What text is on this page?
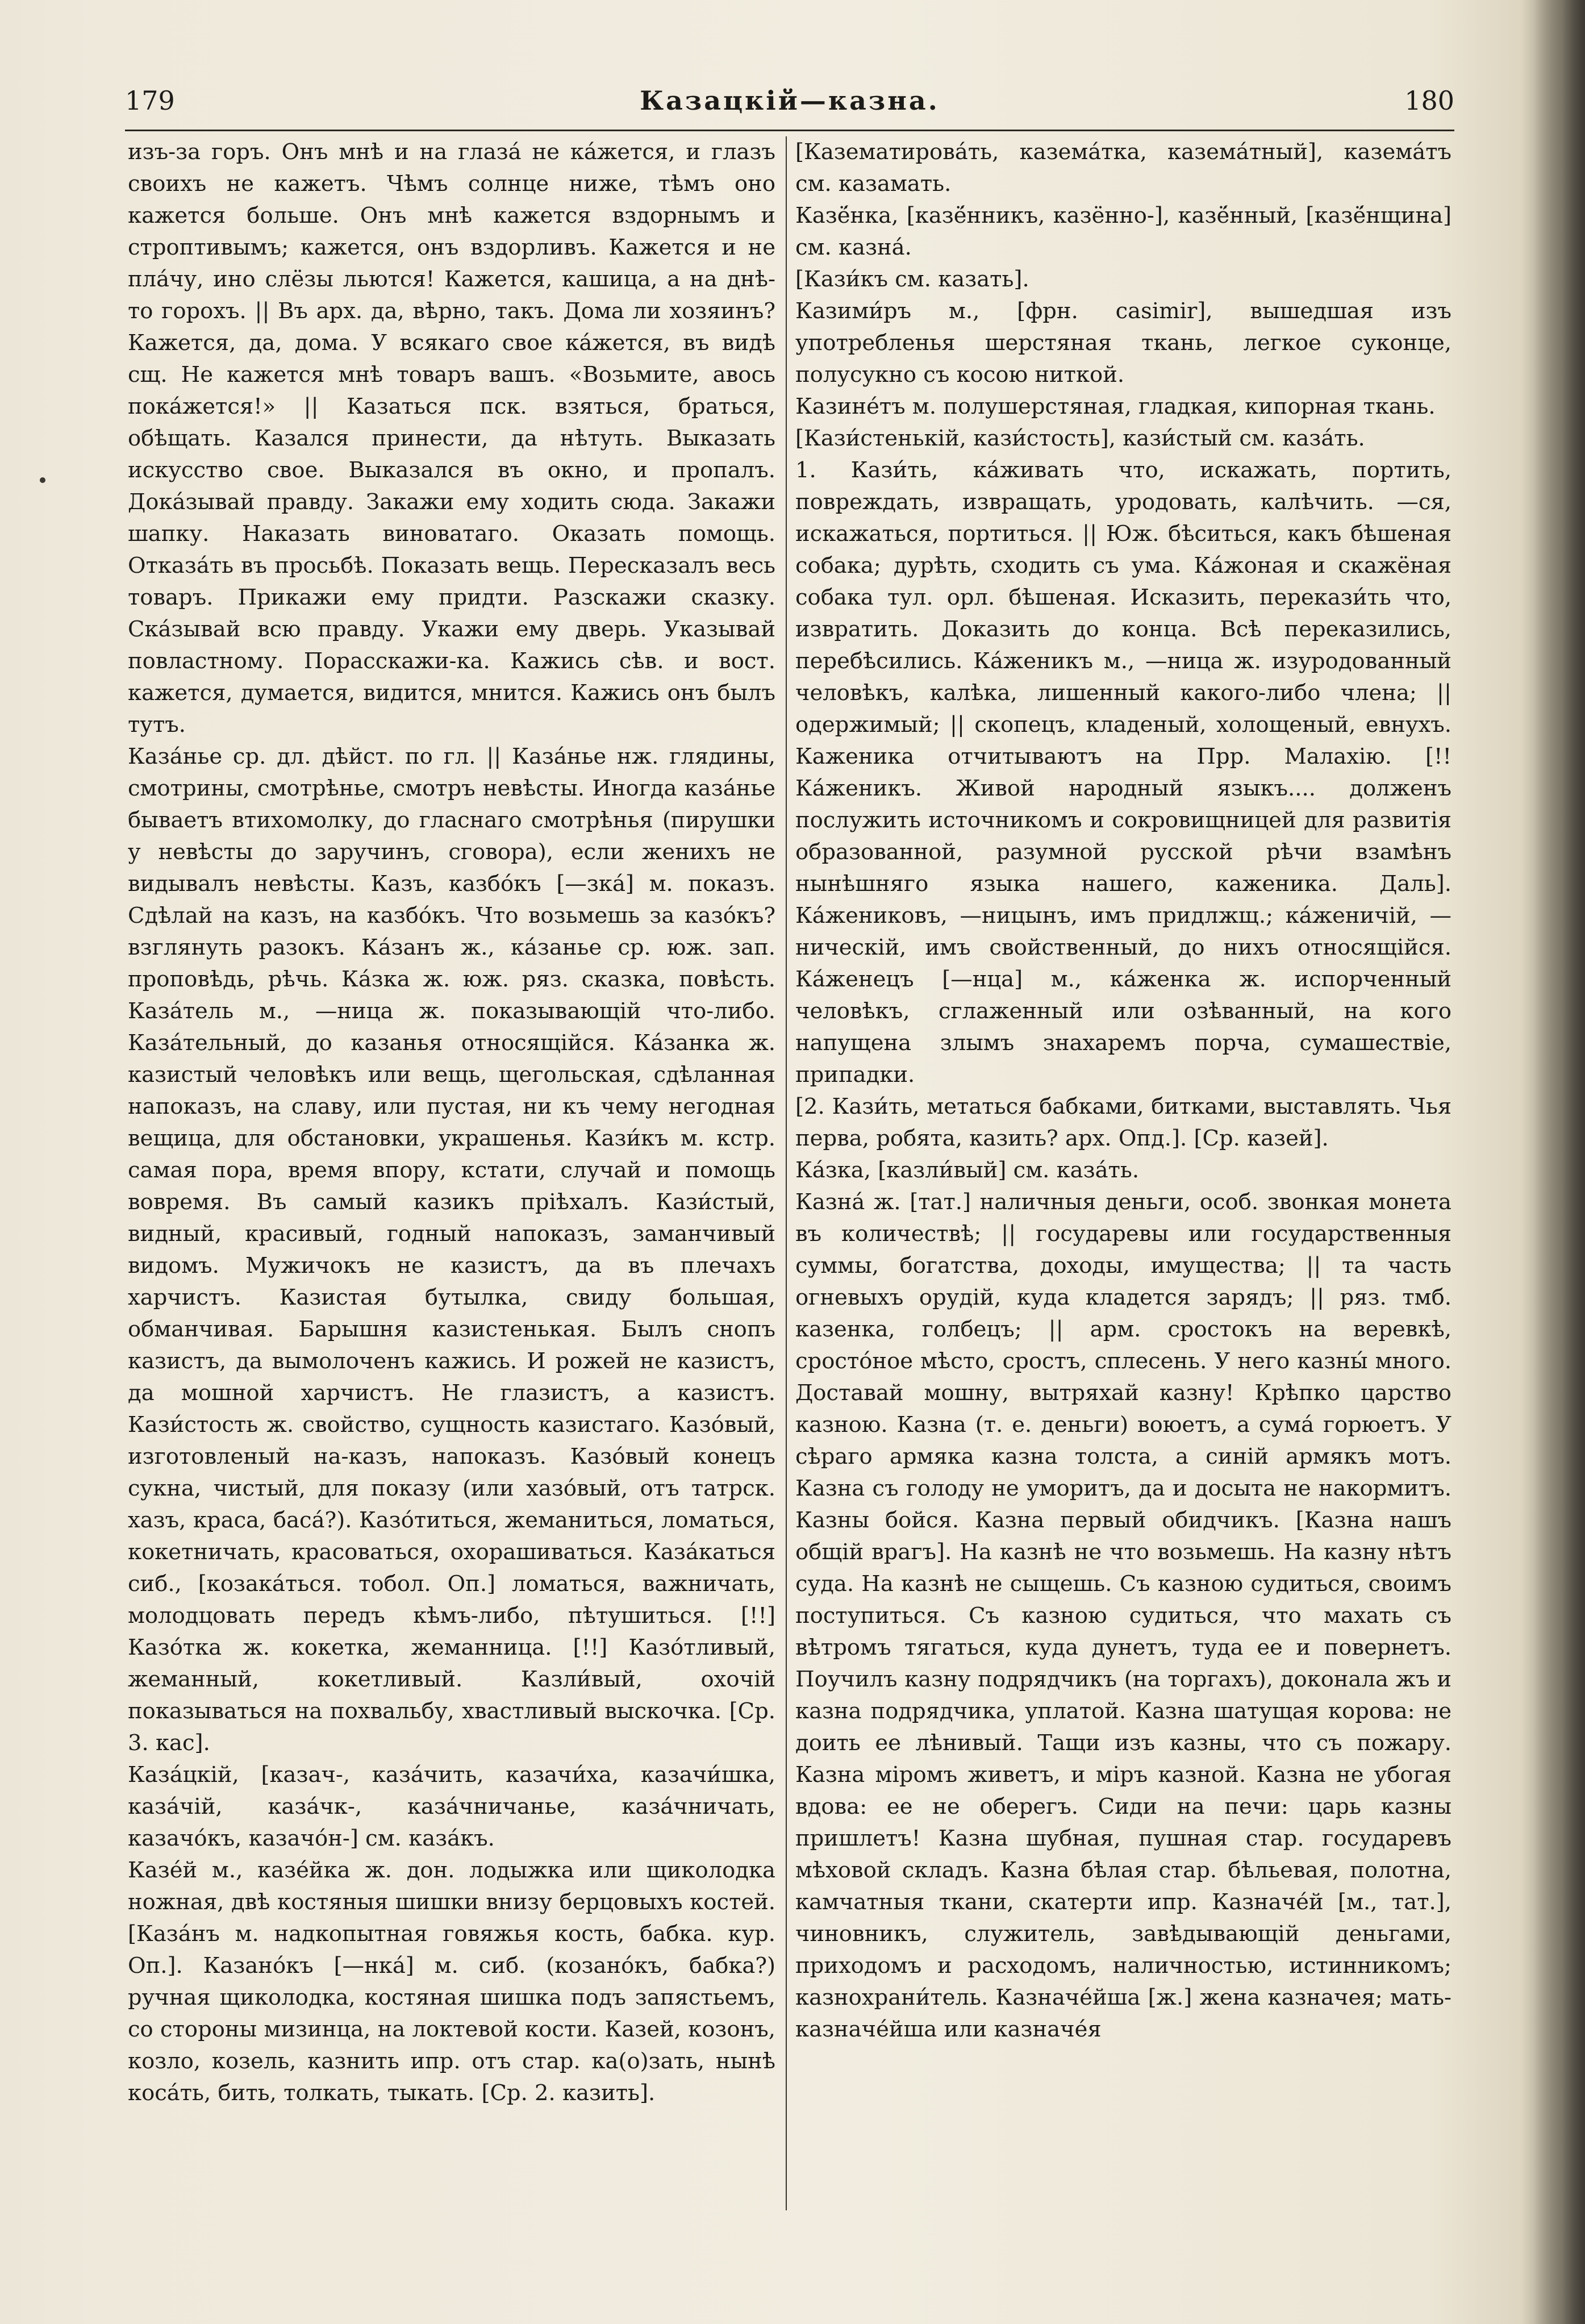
179	Казацкій—казна.	180

изъ-за горъ. Онъ мнѣ и на глаза́ не ка́жется, и глазъ своихъ не кажетъ. Чѣмъ солнце ниже, тѣмъ оно кажется больше. Онъ мнѣ кажется вздорнымъ и строптивымъ; кажется, онъ вздорливъ. Кажется и не пла́чу, ино слёзы льются! Кажется, кашица, а на днѣ-то горохъ. || Въ арх. да, вѣрно, такъ. Дома ли хозяинъ? Кажется, да, дома. У всякаго свое ка́жется, въ видѣ сщ. Не кажется мнѣ товаръ вашъ. «Возьмите, авось пока́жется!» || Казаться пск. взяться, браться, обѣщать. Казался принести, да нѣтуть. Выказать искусство свое. Выказался въ окно, и пропалъ. Дока́зывай правду. Закажи ему ходить сюда. Закажи шапку. Наказать виноватаго. Оказать помощь. Отказа́ть въ просьбѣ. Показать вещь. Пересказалъ весь товаръ. Прикажи ему придти. Разскажи сказку. Ска́зывай всю правду. Укажи ему дверь. Указывай повластному. Порасскажи-ка. Кажись сѣв. и вост. кажется, думается, видится, мнится. Кажись онъ былъ тутъ.

Каза́нье ср. дл. дѣйст. по гл. || Каза́нье нж. глядины, смотрины, смотрѣнье, смотръ невѣсты. Иногда каза́нье бываетъ втихомолку, до гласнаго смотрѣнья (пирушки у невѣсты до заручинъ, сговора), если женихъ не видывалъ невѣсты. Казъ, казбо́къ [—зка́] м. показъ. Сдѣлай на казъ, на казбо́къ. Что возьмешь за казо́къ? взглянуть разокъ. Ка́занъ ж., ка́занье ср. юж. зап. проповѣдь, рѣчь. Ка́зка ж. юж. ряз. сказка, повѣсть. Каза́тель м., —ница ж. показывающій что-либо. Каза́тельный, до казанья относящійся. Ка́занка ж. казистый человѣкъ или вещь, щегольская, сдѣланная напоказъ, на славу, или пустая, ни къ чему негодная вещица, для обстановки, украшенья. Кази́къ м. кстр. самая пора, время впору, кстати, случай и помощь вовремя. Въ самый казикъ пріѣхалъ. Кази́стый, видный, красивый, годный напоказъ, заманчивый видомъ. Мужичокъ не казистъ, да въ плечахъ харчистъ. Казистая бутылка, свиду большая, обманчивая. Барышня казистенькая. Былъ снопъ казистъ, да вымолоченъ кажись. И рожей не казистъ, да мошной харчистъ. Не глазистъ, а казистъ. Кази́стость ж. свойство, сущность казистаго. Казо́вый, изготовленый на-казъ, напоказъ. Казо́вый конецъ сукна, чистый, для показу (или хазо́вый, отъ татрск. хазъ, краса, баса́?). Казо́титься, жеманиться, ломаться, кокетничать, красоваться, охорашиваться. Каза́каться сиб., [козака́ться. тобол. Оп.] ломаться, важничать, молодцовать передъ кѣмъ-либо, пѣтушиться. [!!] Казо́тка ж. кокетка, жеманница. [!!] Казо́тливый, жеманный, кокетливый. Казли́вый, охочій показываться на похвальбу, хвастливый выскочка. [Ср. 3. кас].

Каза́цкій, [казач-, каза́чить, казачи́ха, казачи́шка, каза́чій, каза́чк-, каза́чничанье, каза́чничать, казачо́къ, казачо́н-] см. каза́къ.

Казе́й м., казе́йка ж. дон. лодыжка или щиколодка ножная, двѣ костяныя шишки внизу берцовыхъ костей. [Каза́нъ м. надкопытная говяжья кость, бабка. кур. Оп.]. Казано́къ [—нка́] м. сиб. (козано́къ, бабка?) ручная щиколодка, костяная шишка подъ запястьемъ, со стороны мизинца, на локтевой кости. Казей, козонъ, козло, козель, казнить ипр. отъ стар. ка(о)зать, нынѣ коса́ть, бить, толкать, тыкать. [Ср. 2. казить].

[Казематирова́ть, казема́тка, казема́тный], казема́тъ см. казамать.

Казё́нка, [казё́нникъ, казённо-], казё́нный, [казё́нщина] см. казна́.

[Кази́къ см. казать].

Казими́ръ м., [фрн. casimir], вышедшая изъ употребленья шерстяная ткань, легкое суконце, полусукно съ косою ниткой.

Казине́тъ м. полушерстяная, гладкая, кипорная ткань.

[Кази́стенькій, кази́стость], кази́стый см. каза́ть.

1. Кази́ть, ка́живать что, искажать, портить, повреждать, извращать, уродовать, калѣчить. —ся, искажаться, портиться. || Юж. бѣситься, какъ бѣшеная собака; дурѣть, сходить съ ума. Ка́жоная и скажёная собака тул. орл. бѣшеная. Исказить, перекази́ть что, извратить. Доказить до конца. Всѣ переказились, перебѣсились. Ка́женикъ м., —ница ж. изуродованный человѣкъ, калѣка, лишенный какого-либо члена; || одержимый; || скопецъ, кладеный, холощеный, евнухъ. Каженика отчитываютъ на Прр. Малахію. [!! Ка́женикъ. Живой народный языкъ.... долженъ послужить источникомъ и сокровищницей для развитія образованной, разумной русской рѣчи взамѣнъ нынѣшняго языка нашего, каженика. Даль]. Ка́жениковъ, —ницынъ, имъ придлжщ.; ка́женичій, —ническій, имъ свойственный, до нихъ относящійся. Ка́женецъ [—нца] м., ка́женка ж. испорченный человѣкъ, сглаженный или озѣванный, на кого напущена злымъ знахаремъ порча, сумашествіе, припадки.

[2. Кази́ть, метаться бабками, битками, выставлять. Чья перва, робята, казить? арх. Опд.]. [Ср. казей].

Ка́зка, [казли́вый] см. каза́ть.

Казна́ ж. [тат.] наличныя деньги, особ. звонкая монета въ количествѣ; || государевы или государственныя суммы, богатства, доходы, имущества; || та часть огневыхъ орудій, куда кладется зарядъ; || ряз. тмб. казенка, голбецъ; || арм. сростокъ на веревкѣ, сросто́ное мѣсто, сростъ, сплесень. У него казны́ много. Доставай мошну, вытряхай казну! Крѣпко царство казною. Казна (т. е. деньги) воюетъ, а сума́ горюетъ. У сѣраго армяка казна толста, а синій армякъ мотъ. Казна съ голоду не уморитъ, да и досыта не накормитъ. Казны бойся. Казна первый обидчикъ. [Казна нашъ общій врагъ]. На казнѣ не что возьмешь. На казну нѣтъ суда. На казнѣ не сыщешь. Съ казною судиться, своимъ поступиться. Съ казною судиться, что махать съ вѣтромъ тягаться, куда дунетъ, туда ее и повернетъ. Поучилъ казну подрядчикъ (на торгахъ), доконала жъ и казна подрядчика, уплатой. Казна шатущая корова: не доить ее лѣнивый. Тащи изъ казны, что съ пожару. Казна міромъ живетъ, и міръ казной. Казна не убогая вдова: ее не оберегъ. Сиди на печи: царь казны пришлетъ! Казна шубная, пушная стар. государевъ мѣховой складъ. Казна бѣлая стар. бѣльевая, полотна, камчатныя ткани, скатерти ипр. Казначе́й [м., тат.], чиновникъ, служитель, завѣдывающій деньгами, приходомъ и расходомъ, наличностью, истинникомъ; казнохрани́тель. Казначе́йша [ж.] жена казначея; мать-казначе́йша или казначе́я
